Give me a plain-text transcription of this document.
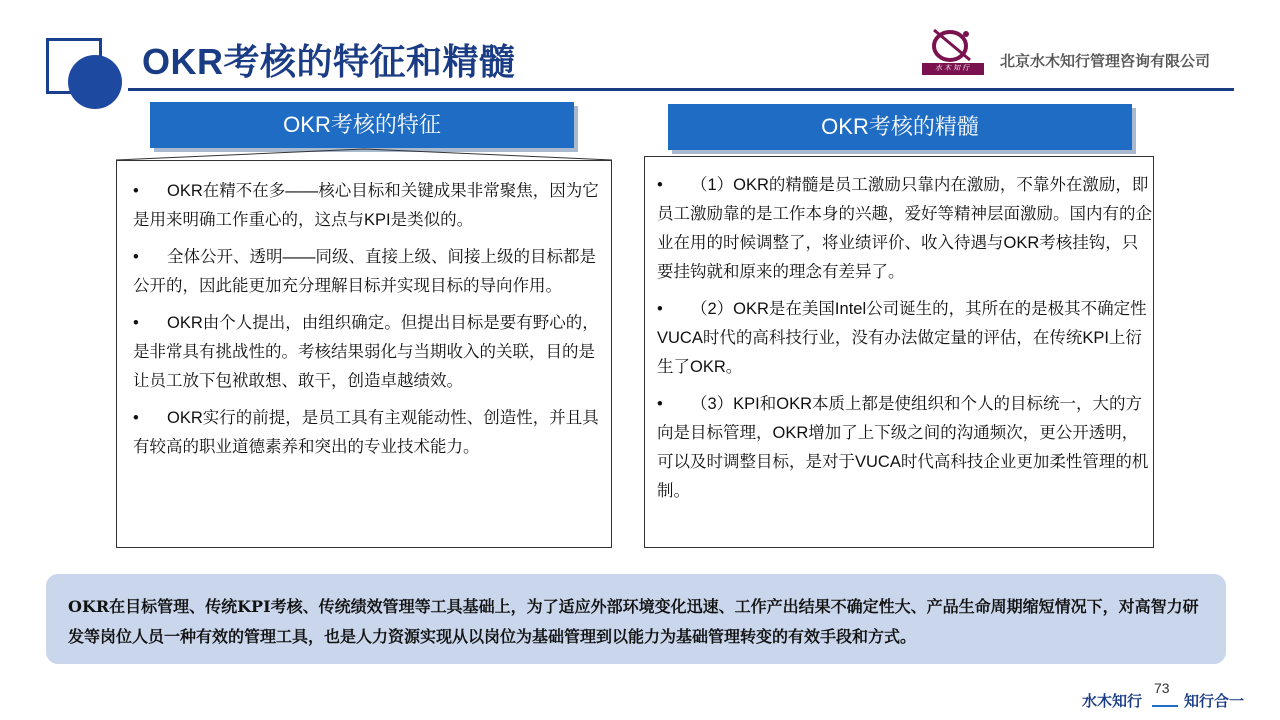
OKR考核的特征和精髓	水木知行	北京水木知行管理咨询有限公司
OKR考核的特征
• OKR在精不在多——核心目标和关键成果非常聚焦，因为它是用来明确工作重心的，这点与KPI是类似的。
• 全体公开、透明——同级、直接上级、间接上级的目标都是公开的，因此能更加充分理解目标并实现目标的导向作用。
• OKR由个人提出，由组织确定。但提出目标是要有野心的，是非常具有挑战性的。考核结果弱化与当期收入的关联，目的是让员工放下包袱敢想、敢干，创造卓越绩效。
• OKR实行的前提，是员工具有主观能动性、创造性，并且具有较高的职业道德素养和突出的专业技术能力。
OKR考核的精髓
• （1）OKR的精髓是员工激励只靠内在激励，不靠外在激励，即员工激励靠的是工作本身的兴趣，爱好等精神层面激励。国内有的企业在用的时候调整了，将业绩评价、收入待遇与OKR考核挂钩，只要挂钩就和原来的理念有差异了。
• （2）OKR是在美国Intel公司诞生的，其所在的是极其不确定性VUCA时代的高科技行业，没有办法做定量的评估，在传统KPI上衍生了OKR。
• （3）KPI和OKR本质上都是使组织和个人的目标统一，大的方向是目标管理，OKR增加了上下级之间的沟通频次，更公开透明，可以及时调整目标，是对于VUCA时代高科技企业更加柔性管理的机制。
OKR在目标管理、传统KPI考核、传统绩效管理等工具基础上，为了适应外部环境变化迅速、工作产出结果不确定性大、产品生命周期缩短情况下，对高智力研发等岗位人员一种有效的管理工具，也是人力资源实现从以岗位为基础管理到以能力为基础管理转变的有效手段和方式。
水木知行
73
知行合一
